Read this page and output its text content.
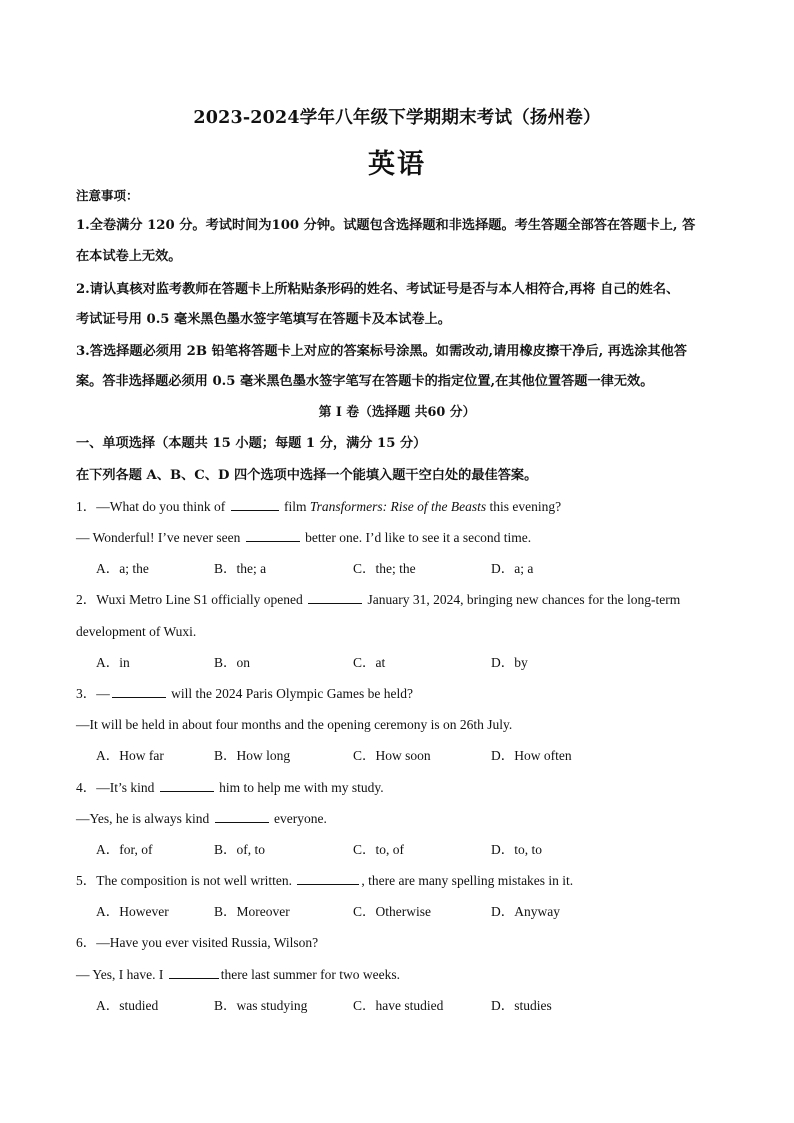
2023-2024学年八年级下学期期末考试（扬州卷）
英语
注意事项：
1.全卷满分 120 分。考试时间为100 分钟。试题包含选择题和非选择题。考生答题全部答在答题卡上, 答
在本试卷上无效。
2.请认真核对监考教师在答题卡上所粘贴条形码的姓名、考试证号是否与本人相符合,再将 自己的姓名、
考试证号用 0.5 毫米黑色墨水签字笔填写在答题卡及本试卷上。
3.答选择题必须用 2B 铅笔将答题卡上对应的答案标号涂黑。如需改动,请用橡皮擦干净后, 再选涂其他答
案。答非选择题必须用 0.5 毫米黑色墨水签字笔写在答题卡的指定位置,在其他位置答题一律无效。
第 I 卷（选择题 共60 分）
一、单项选择（本题共 15 小题；每题 1 分，满分 15 分）
在下列各题 A、B、C、D 四个选项中选择一个能填入题干空白处的最佳答案。
1．—What do you think of	film Transformers: Rise of the Beasts this evening?
— Wonderful! I’ve never seen	better one. I’d like to see it a second time.
A．a; the	B．the; a	C．the; the	D．a; a
2．Wuxi Metro Line S1 officially opened	January 31, 2024, bringing new chances for the long-term
development of Wuxi.
A．in	B．on	C．at	D．by
3．—	will the 2024 Paris Olympic Games be held?
—It will be held in about four months and the opening ceremony is on 26th July.
A．How far	B．How long	C．How soon	D．How often
4．—It’s kind	him to help me with my study.
—Yes, he is always kind	everyone.
A．for, of	B．of, to	C．to, of	D．to, to
5．The composition is not well written.	, there are many spelling mistakes in it.
A．However	B．Moreover	C．Otherwise	D．Anyway
6．—Have you ever visited Russia, Wilson?
— Yes, I have. I	there last summer for two weeks.
A．studied	B．was studying	C．have studied	D．studies
